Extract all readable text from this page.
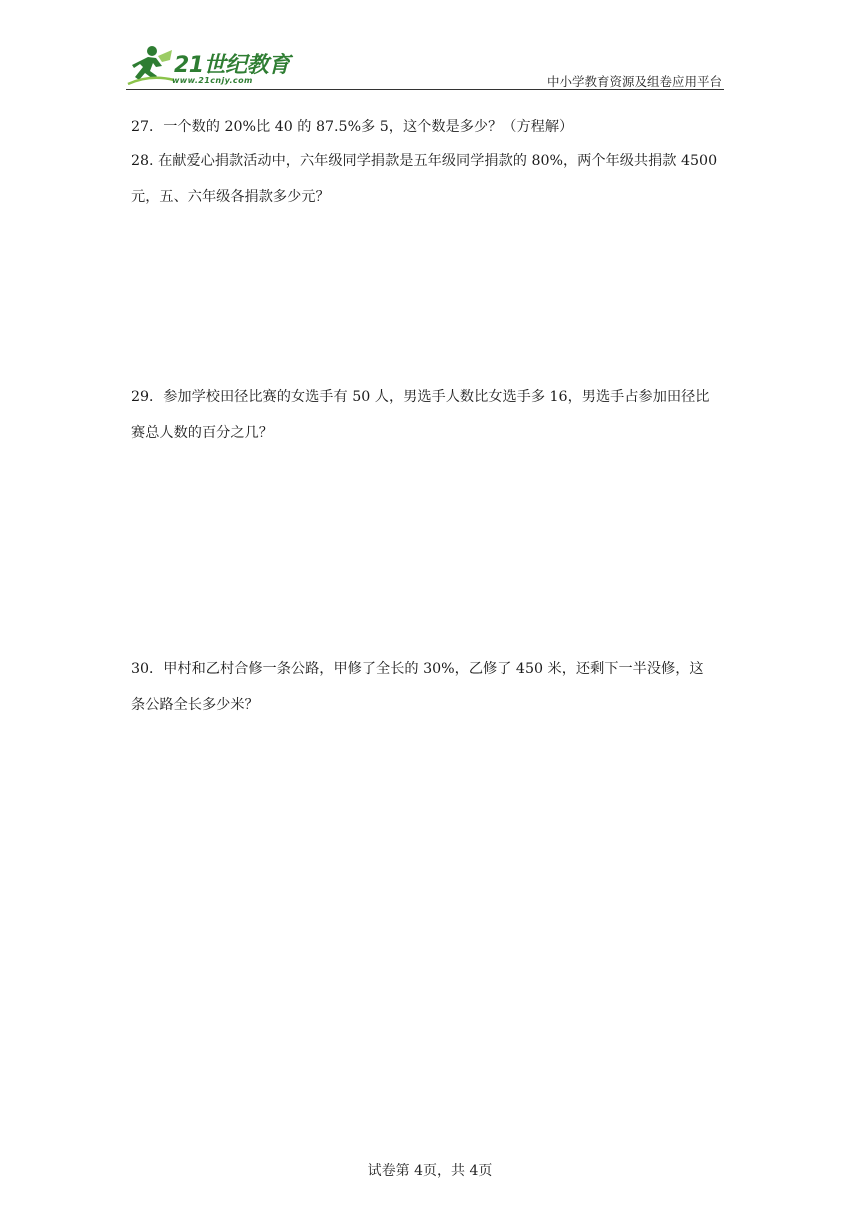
21世纪教育
www.21cnjy.com	中小学教育资源及组卷应用平台

27．一个数的 20%比 40 的 87.5%多 5，这个数是多少？（方程解）

28. 在献爱心捐款活动中，六年级同学捐款是五年级同学捐款的 80%，两个年级共捐款 4500

元，五、六年级各捐款多少元？

29．参加学校田径比赛的女选手有 50 人，男选手人数比女选手多 16，男选手占参加田径比

赛总人数的百分之几？

30．甲村和乙村合修一条公路，甲修了全长的 30%，乙修了 450 米，还剩下一半没修，这

条公路全长多少米？

试卷第 4页，共 4页
